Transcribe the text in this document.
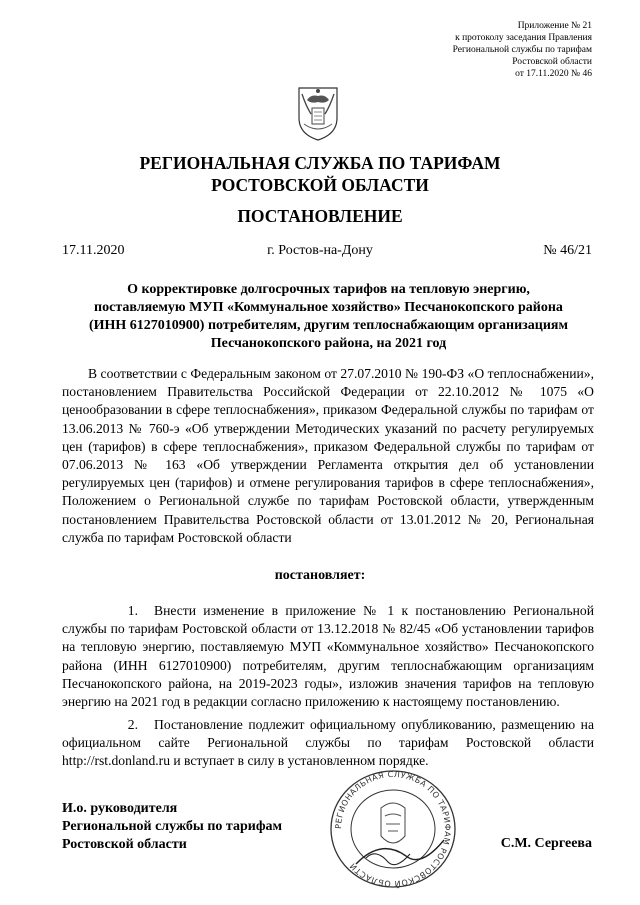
Приложение № 21
к протоколу заседания Правления
Региональной службы по тарифам
Ростовской области
от 17.11.2020 № 46
РЕГИОНАЛЬНАЯ СЛУЖБА ПО ТАРИФАМ
РОСТОВСКОЙ ОБЛАСТИ
ПОСТАНОВЛЕНИЕ
17.11.2020	г. Ростов-на-Дону	№ 46/21
О корректировке долгосрочных тарифов на тепловую энергию,
поставляемую МУП «Коммунальное хозяйство» Песчанокопского района
(ИНН 6127010900) потребителям, другим теплоснабжающим организациям
Песчанокопского района, на 2021 год

В соответствии с Федеральным законом от 27.07.2010 № 190-ФЗ «О теплоснабжении», постановлением Правительства Российской Федерации от 22.10.2012 № 1075 «О ценообразовании в сфере теплоснабжения», приказом Федеральной службы по тарифам от 13.06.2013 № 760-э «Об утверждении Методических указаний по расчету регулируемых цен (тарифов) в сфере теплоснабжения», приказом Федеральной службы по тарифам от 07.06.2013 № 163 «Об утверждении Регламента открытия дел об установлении регулируемых цен (тарифов) и отмене регулирования тарифов в сфере теплоснабжения», Положением о Региональной службе по тарифам Ростовской области, утвержденным постановлением Правительства Ростовской области от 13.01.2012 № 20, Региональная служба по тарифам Ростовской области

постановляет:

1. Внести изменение в приложение № 1 к постановлению Региональной службы по тарифам Ростовской области от 13.12.2018 № 82/45 «Об установлении тарифов на тепловую энергию, поставляемую МУП «Коммунальное хозяйство» Песчанокопского района (ИНН 6127010900) потребителям, другим теплоснабжающим организациям Песчанокопского района, на 2019-2023 годы», изложив значения тарифов на тепловую энергию на 2021 год в редакции согласно приложению к настоящему постановлению.

2. Постановление подлежит официальному опубликованию, размещению на официальном сайте Региональной службы по тарифам Ростовской области http://rst.donland.ru и вступает в силу в установленном порядке.

И.о. руководителя
Региональной службы по тарифам
Ростовской области
РЕГИОНАЛЬНАЯ СЛУЖБА ПО ТАРИФАМ РОСТОВСКОЙ ОБЛАСТИ
С.М. Сергеева
